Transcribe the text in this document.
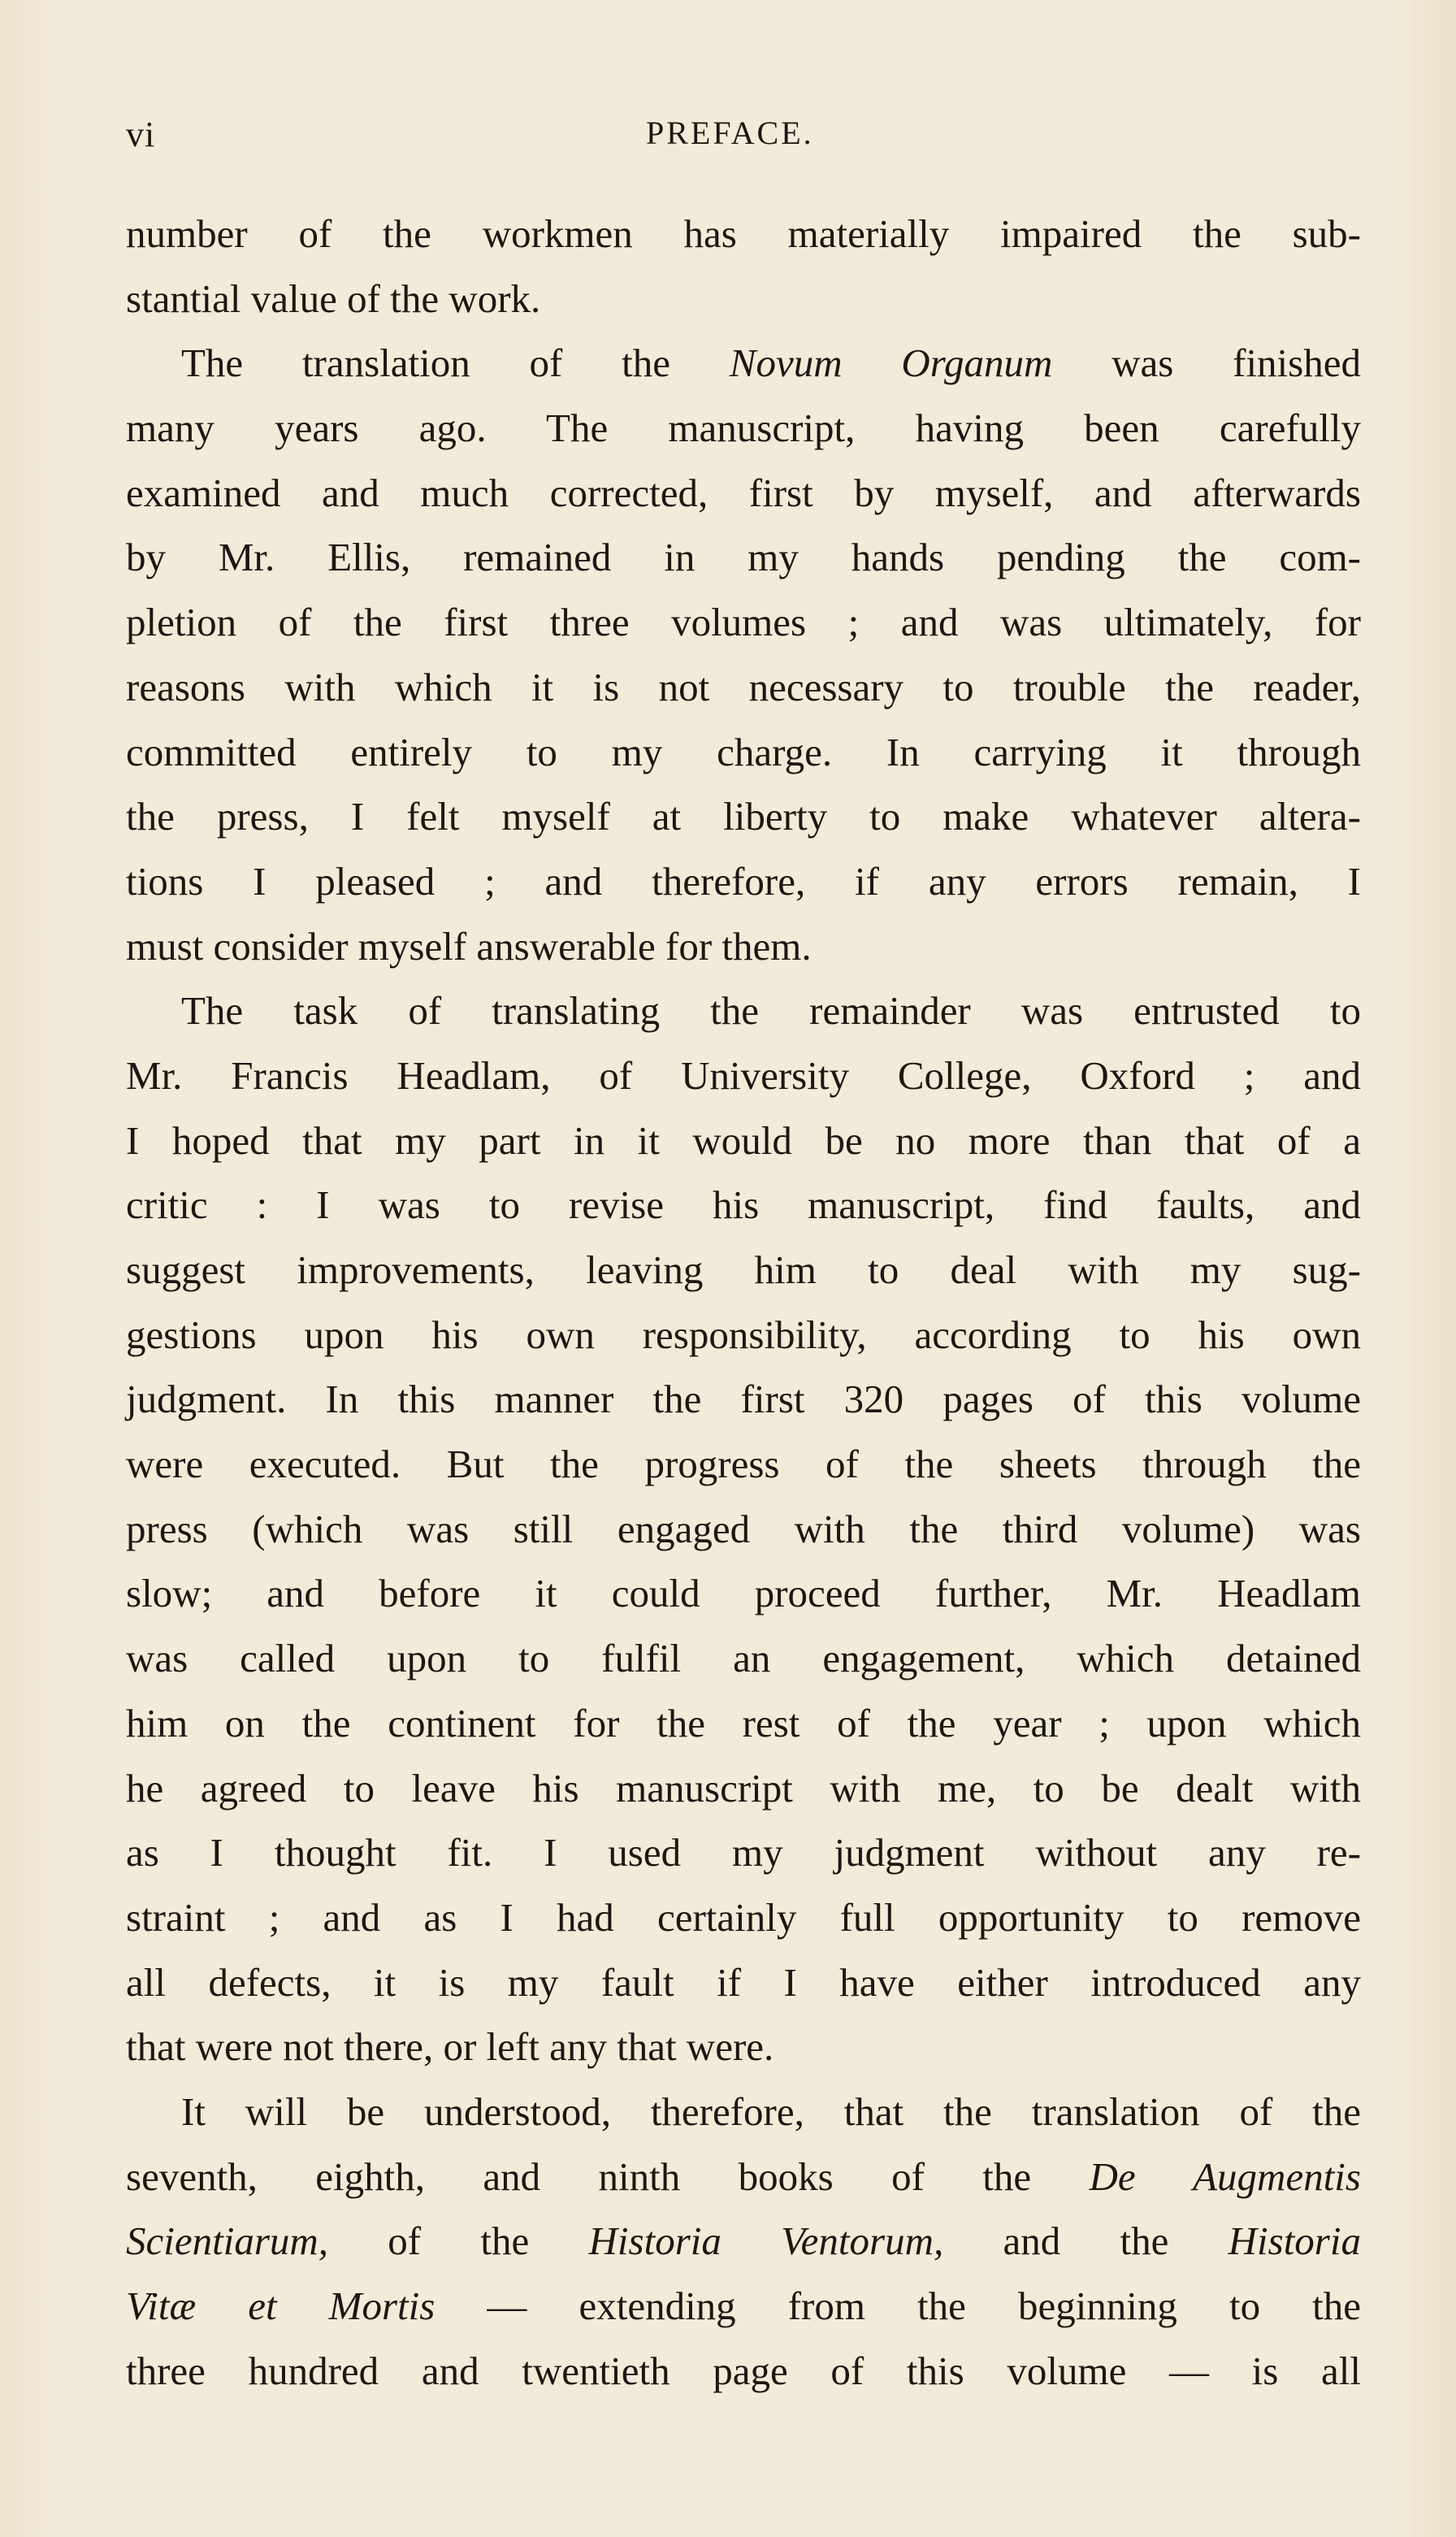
vi	PREFACE.
number of the workmen has materially impaired the sub-
stantial value of the work.
The translation of the Novum Organum was finished
many years ago. The manuscript, having been carefully
examined and much corrected, first by myself, and afterwards
by Mr. Ellis, remained in my hands pending the com-
pletion of the first three volumes ; and was ultimately, for
reasons with which it is not necessary to trouble the reader,
committed entirely to my charge. In carrying it through
the press, I felt myself at liberty to make whatever altera-
tions I pleased ; and therefore, if any errors remain, I
must consider myself answerable for them.
The task of translating the remainder was entrusted to
Mr. Francis Headlam, of University College, Oxford ; and
I hoped that my part in it would be no more than that of a
critic : I was to revise his manuscript, find faults, and
suggest improvements, leaving him to deal with my sug-
gestions upon his own responsibility, according to his own
judgment. In this manner the first 320 pages of this volume
were executed. But the progress of the sheets through the
press (which was still engaged with the third volume) was
slow; and before it could proceed further, Mr. Headlam
was called upon to fulfil an engagement, which detained
him on the continent for the rest of the year ; upon which
he agreed to leave his manuscript with me, to be dealt with
as I thought fit. I used my judgment without any re-
straint ; and as I had certainly full opportunity to remove
all defects, it is my fault if I have either introduced any
that were not there, or left any that were.
It will be understood, therefore, that the translation of the
seventh, eighth, and ninth books of the De Augmentis
Scientiarum, of the Historia Ventorum, and the Historia
Vitæ et Mortis — extending from the beginning to the
three hundred and twentieth page of this volume — is all
